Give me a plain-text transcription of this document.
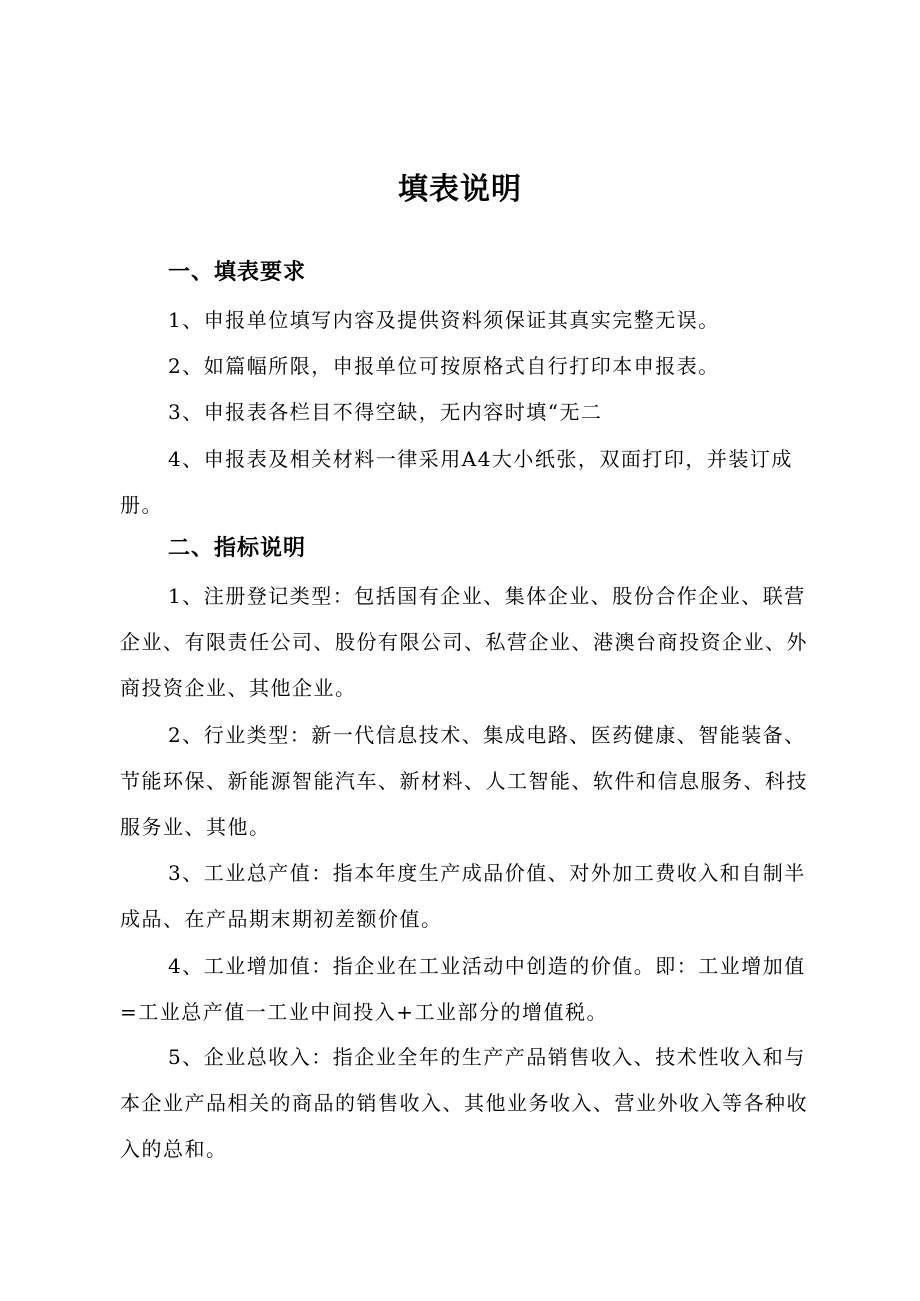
填表说明
一、填表要求
1、申报单位填写内容及提供资料须保证其真实完整无误。
2、如篇幅所限，申报单位可按原格式自行打印本申报表。
3、申报表各栏目不得空缺，无内容时填“无二
4、申报表及相关材料一律采用A4大小纸张，双面打印，并装订成册。
二、指标说明
1、注册登记类型：包括国有企业、集体企业、股份合作企业、联营企业、有限责任公司、股份有限公司、私营企业、港澳台商投资企业、外商投资企业、其他企业。
2、行业类型：新一代信息技术、集成电路、医药健康、智能装备、节能环保、新能源智能汽车、新材料、人工智能、软件和信息服务、科技服务业、其他。
3、工业总产值：指本年度生产成品价值、对外加工费收入和自制半成品、在产品期末期初差额价值。
4、工业增加值：指企业在工业活动中创造的价值。即：工业增加值=工业总产值一工业中间投入+工业部分的增值税。
5、企业总收入：指企业全年的生产产品销售收入、技术性收入和与本企业产品相关的商品的销售收入、其他业务收入、营业外收入等各种收入的总和。
